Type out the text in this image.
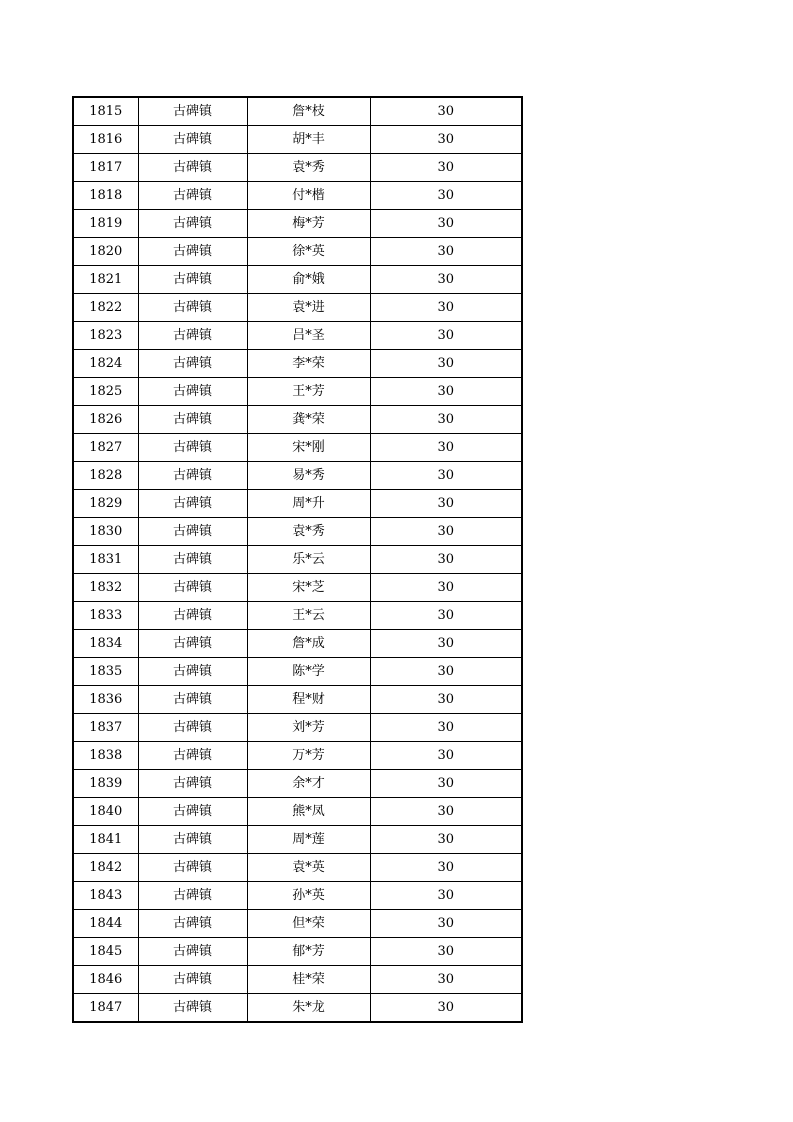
1815	古碑镇	詹*枝	30
1816	古碑镇	胡*丰	30
1817	古碑镇	袁*秀	30
1818	古碑镇	付*楷	30
1819	古碑镇	梅*芳	30
1820	古碑镇	徐*英	30
1821	古碑镇	俞*娥	30
1822	古碑镇	袁*进	30
1823	古碑镇	吕*圣	30
1824	古碑镇	李*荣	30
1825	古碑镇	王*芳	30
1826	古碑镇	龚*荣	30
1827	古碑镇	宋*刚	30
1828	古碑镇	易*秀	30
1829	古碑镇	周*升	30
1830	古碑镇	袁*秀	30
1831	古碑镇	乐*云	30
1832	古碑镇	宋*芝	30
1833	古碑镇	王*云	30
1834	古碑镇	詹*成	30
1835	古碑镇	陈*学	30
1836	古碑镇	程*财	30
1837	古碑镇	刘*芳	30
1838	古碑镇	万*芳	30
1839	古碑镇	余*才	30
1840	古碑镇	熊*凤	30
1841	古碑镇	周*莲	30
1842	古碑镇	袁*英	30
1843	古碑镇	孙*英	30
1844	古碑镇	但*荣	30
1845	古碑镇	郁*芳	30
1846	古碑镇	桂*荣	30
1847	古碑镇	朱*龙	30
